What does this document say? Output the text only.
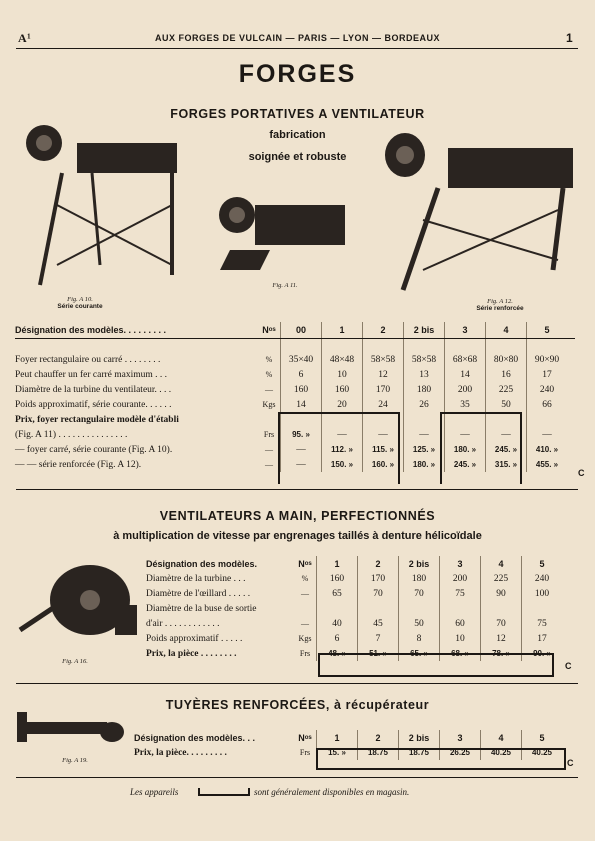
A¹	AUX FORGES DE VULCAIN — PARIS — LYON — BORDEAUX	1
FORGES
FORGES PORTATIVES A VENTILATEUR
fabrication
soignée et robuste
Fig. A 10.
Série courante
Fig. A 11.
Fig. A 12.
Série renforcée
Désignation des modèles. . . . . . . . .	Nᵒˢ	00	1	2	2 bis	3	4	5

Foyer rectangulaire ou carré . . . . . . . .	%	35×40	48×48	58×58	58×58	68×68	80×80	90×90
Peut chauffer un fer carré maximum . . .	%	6	10	12	13	14	16	17
Diamètre de la turbine du ventilateur. . . .	—	160	160	170	180	200	225	240
Poids approximatif, série courante. . . . . .	Kgs	14	20	24	26	35	50	66
Prix, foyer rectangulaire modèle d'établi								
(Fig. A 11) . . . . . . . . . . . . . . .	Frs	95. »	—	—	—	—	—	—
— foyer carré, série courante (Fig. A 10).	—	—	112. »	115. »	125. »	180. »	245. »	410. »
— — série renforcée (Fig. A 12).	—	—	150. »	160. »	180. »	245. »	315. »	455. »
C
VENTILATEURS A MAIN, PERFECTIONNÉS
à multiplication de vitesse par engrenages taillés à denture hélicoïdale
Fig. A 16.
Désignation des modèles.	Nᵒˢ	1	2	2 bis	3	4	5
Diamètre de la turbine . . .	%	160	170	180	200	225	240
Diamètre de l'œillard . . . . .	—	65	70	70	75	90	100
Diamètre de la buse de sortie							
d'air . . . . . . . . . . . .	—	40	45	50	60	70	75
Poids approximatif . . . . .	Kgs	6	7	8	10	12	17
Prix, la pièce . . . . . . . .	Frs	48. »	51. »	65. »	68. »	78. »	90. »
C
TUYÈRES RENFORCÉES, à récupérateur
Fig. A 19.
Désignation des modèles. . .	Nᵒˢ	1	2	2 bis	3	4	5
Prix, la pièce. . . . . . . . .	Frs	15. »	18.75	18.75	26.25	40.25	40.25
C
Les appareils	sont généralement disponibles en magasin.
